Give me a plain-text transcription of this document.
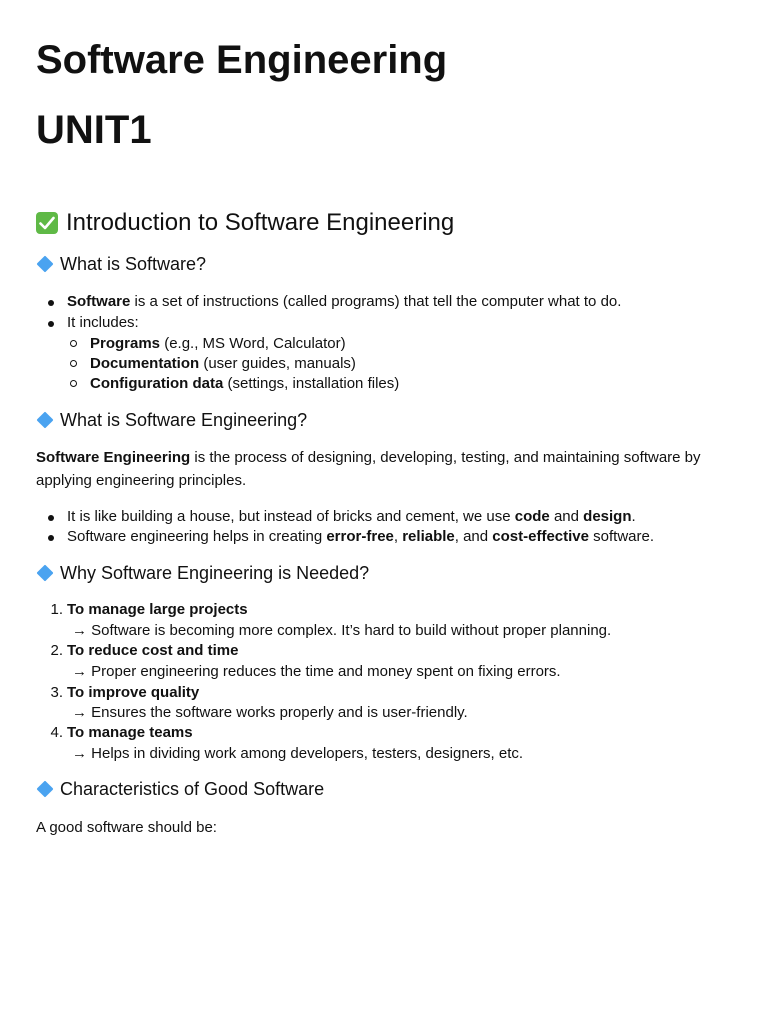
Software Engineering
UNIT1
Introduction to Software Engineering
What is Software?
Software is a set of instructions (called programs) that tell the computer what to do.
It includes:
Programs (e.g., MS Word, Calculator)
Documentation (user guides, manuals)
Configuration data (settings, installation files)
What is Software Engineering?
Software Engineering is the process of designing, developing, testing, and maintaining software by applying engineering principles.
It is like building a house, but instead of bricks and cement, we use code and design.
Software engineering helps in creating error-free, reliable, and cost-effective software.
Why Software Engineering is Needed?
1. To manage large projects
→ Software is becoming more complex. It’s hard to build without proper planning.
2. To reduce cost and time
→ Proper engineering reduces the time and money spent on fixing errors.
3. To improve quality
→ Ensures the software works properly and is user-friendly.
4. To manage teams
→ Helps in dividing work among developers, testers, designers, etc.
Characteristics of Good Software
A good software should be:
